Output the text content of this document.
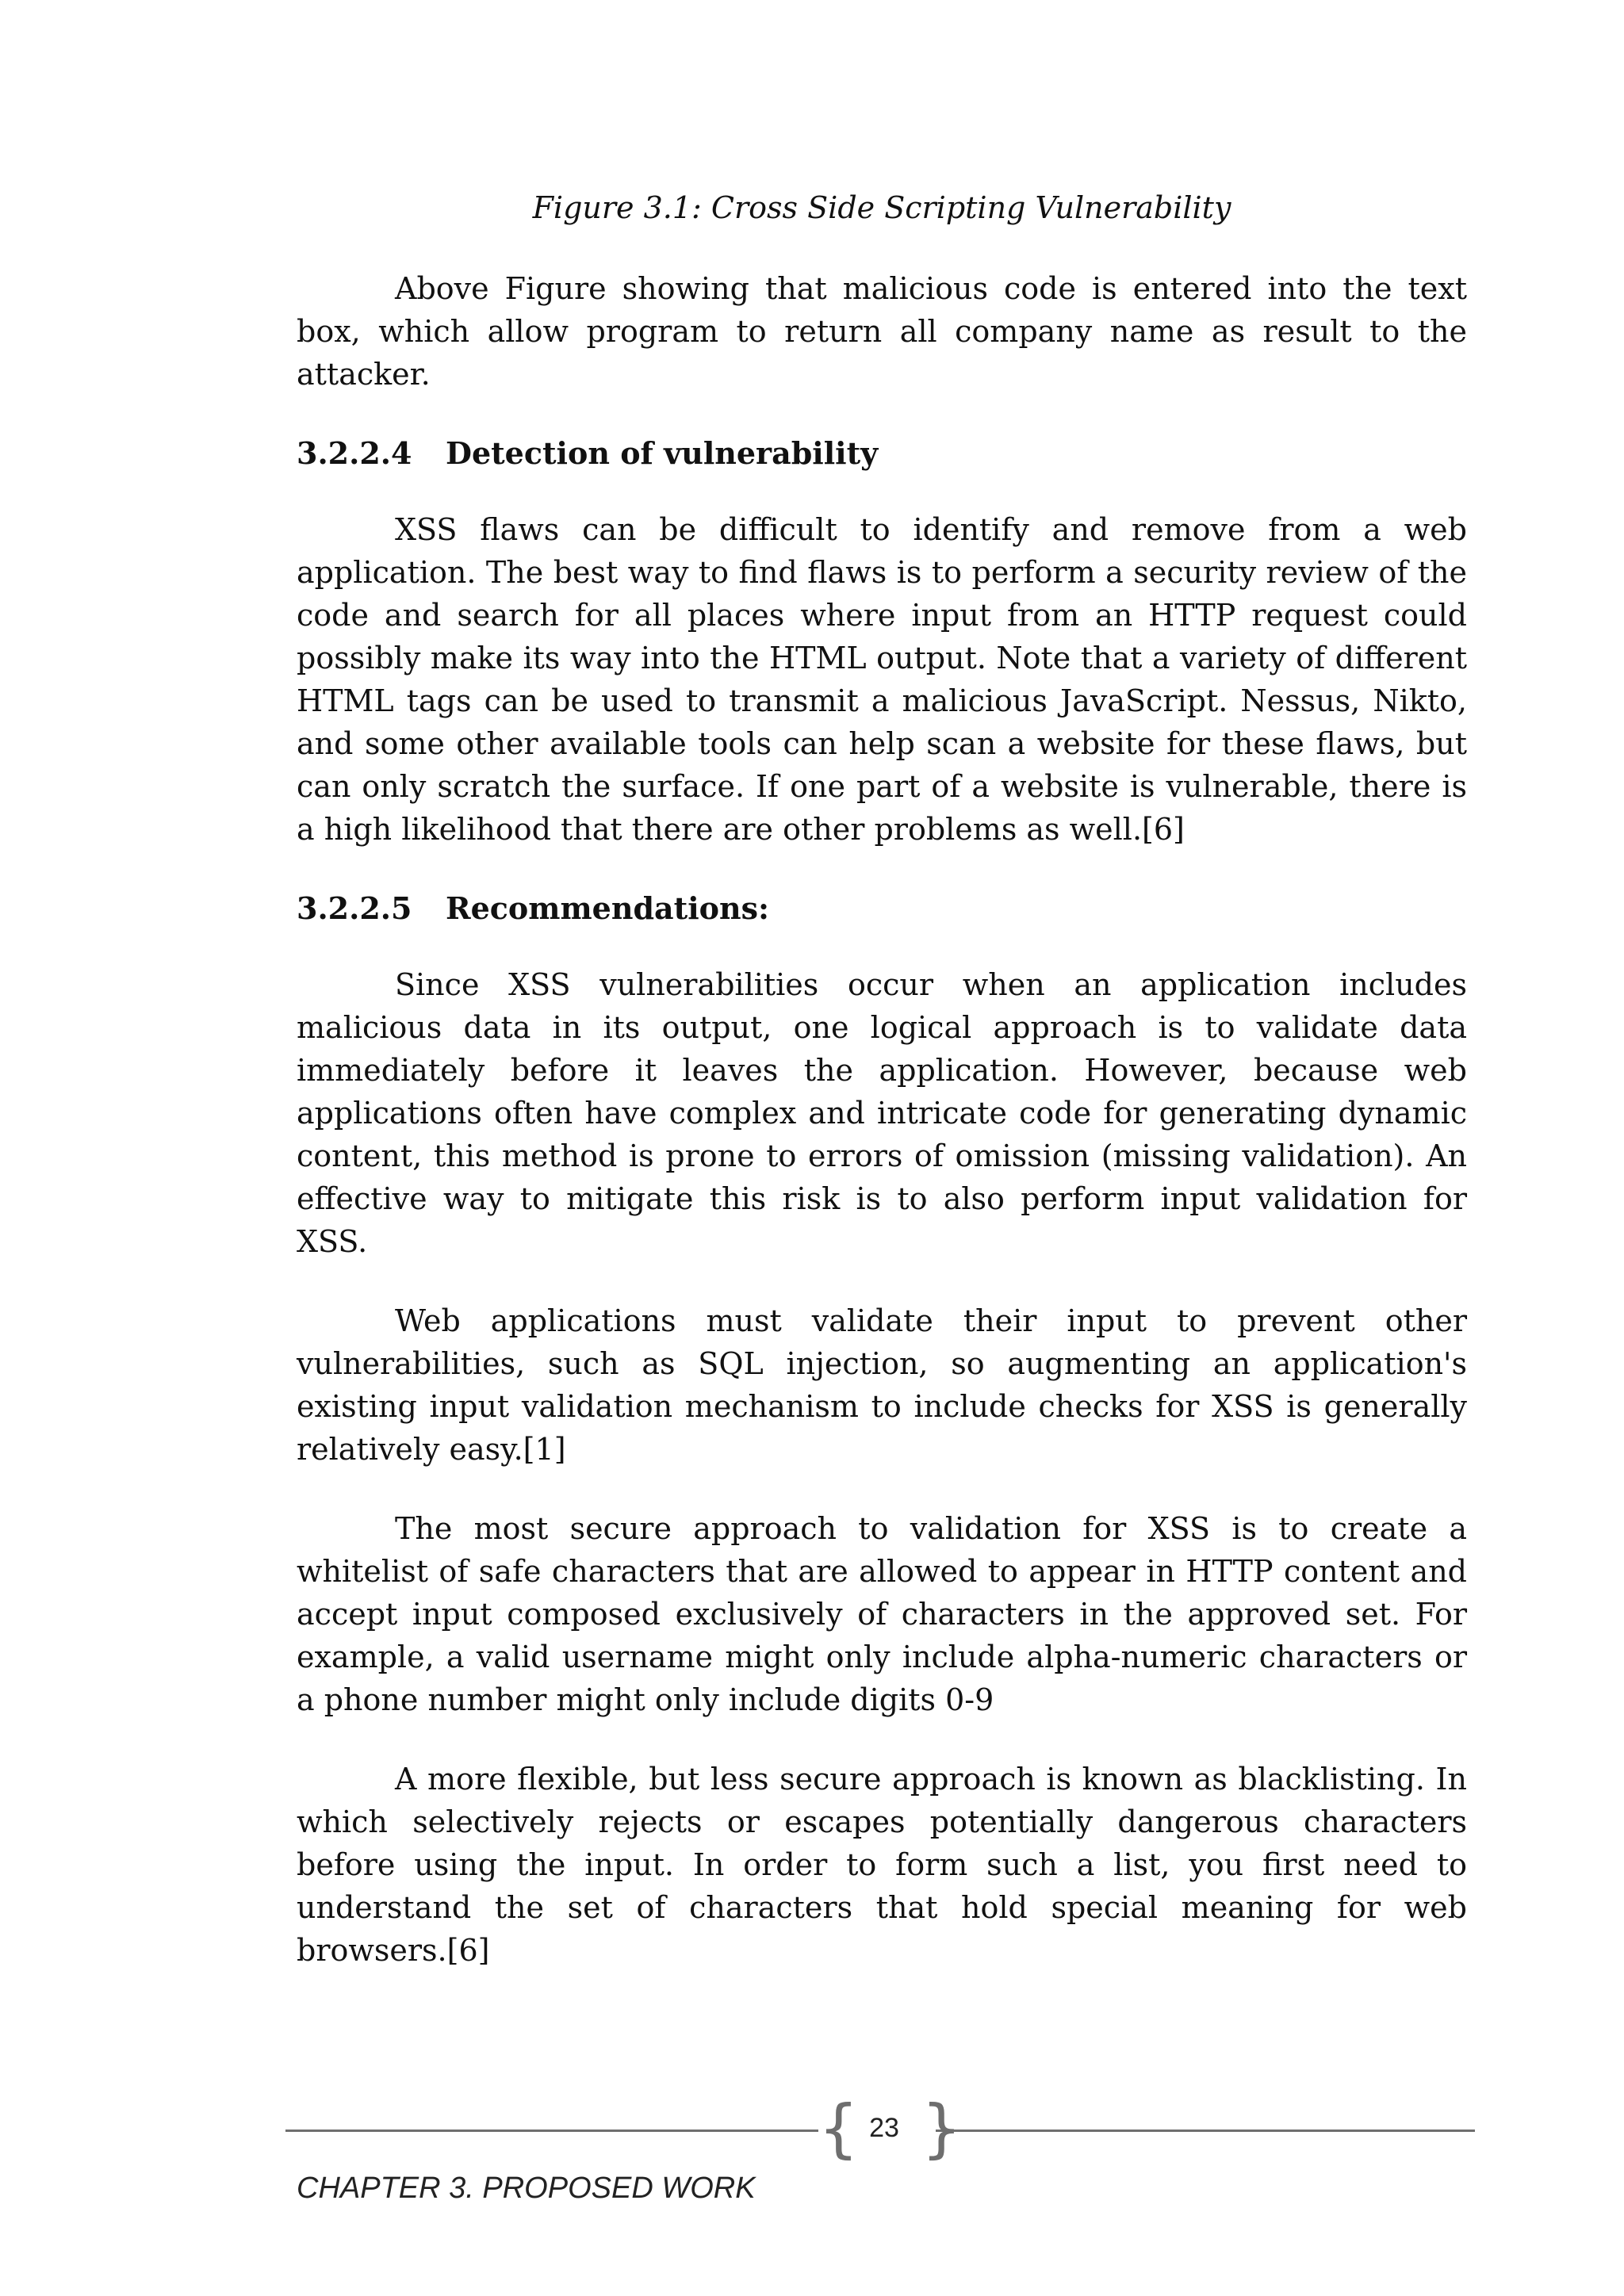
Figure 3.1: Cross Side Scripting Vulnerability

Above Figure showing that malicious code is entered into the text box, which allow program to return all company name as result to the attacker.

3.2.2.4	Detection of vulnerability

XSS flaws can be difficult to identify and remove from a web application. The best way to find flaws is to perform a security review of the code and search for all places where input from an HTTP request could possibly make its way into the HTML output. Note that a variety of different HTML tags can be used to transmit a malicious JavaScript. Nessus, Nikto, and some other available tools can help scan a website for these flaws, but can only scratch the surface. If one part of a website is vulnerable, there is a high likelihood that there are other problems as well.[6]

3.2.2.5	Recommendations:

Since XSS vulnerabilities occur when an application includes malicious data in its output, one logical approach is to validate data immediately before it leaves the application. However, because web applications often have complex and intricate code for generating dynamic content, this method is prone to errors of omission (missing validation). An effective way to mitigate this risk is to also perform input validation for XSS.

Web applications must validate their input to prevent other vulnerabilities, such as SQL injection, so augmenting an application's existing input validation mechanism to include checks for XSS is generally relatively easy.[1]

The most secure approach to validation for XSS is to create a whitelist of safe characters that are allowed to appear in HTTP content and accept input composed exclusively of characters in the approved set. For example, a valid username might only include alpha-numeric characters or a phone number might only include digits 0-9

A more flexible, but less secure approach is known as blacklisting. In which selectively rejects or escapes potentially dangerous characters before using the input. In order to form such a list, you first need to understand the set of characters that hold special meaning for web browsers.[6]

{ 23 }
CHAPTER 3. PROPOSED WORK
